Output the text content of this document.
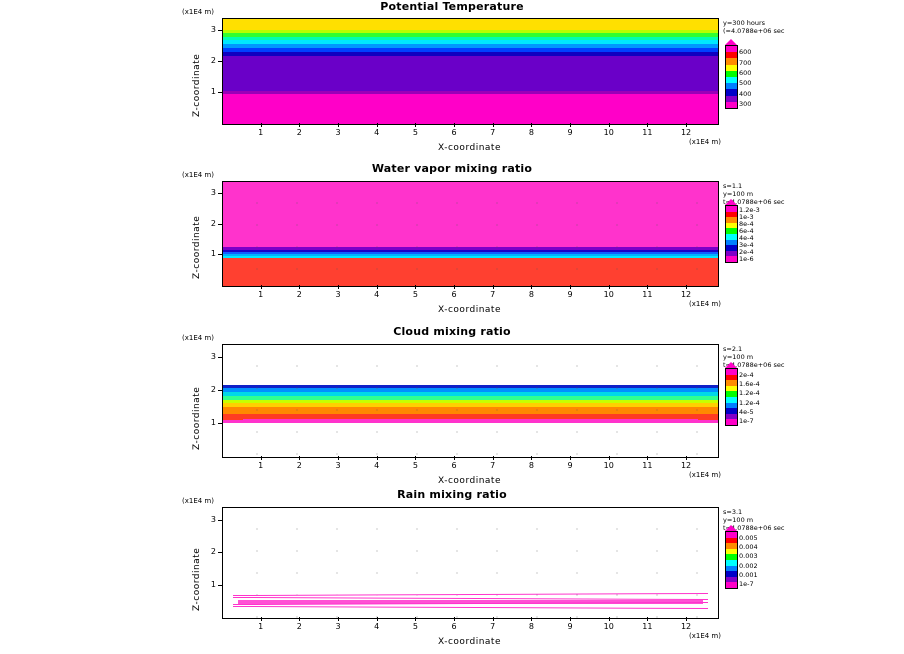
Potential Temperature
(x1E4 m)
1	2	3	4	5	6	7	8	9	10	11	12
1
2
3
Z-coordinate
X-coordinate
(x1E4 m)
y=300 hours
(=4.0788e+06 sec
600
700
600
500
400
300
Water vapor mixing ratio
(x1E4 m)
1	2	3	4	5	6	7	8	9	10	11	12
1
2
3
Z-coordinate
X-coordinate
(x1E4 m)
s=1.1
y=100 m
t=4.0788e+06 sec
1.2e-3
1e-3
8e-4
6e-4
4e-4
3e-4
2e-4
1e-6
Cloud mixing ratio
(x1E4 m)
1	2	3	4	5	6	7	8	9	10	11	12
1
2
3
Z-coordinate
X-coordinate
(x1E4 m)
s=2.1
y=100 m
t=4.0788e+06 sec
2e-4
1.6e-4
1.2e-4
1.2e-4
4e-5
1e-7
Rain mixing ratio
(x1E4 m)
1	2	3	4	5	6	7	8	9	10	11	12
1
2
3
Z-coordinate
X-coordinate
(x1E4 m)
s=3.1
y=100 m
t=4.0788e+06 sec
0.005
0.004
0.003
0.002
0.001
1e-7
